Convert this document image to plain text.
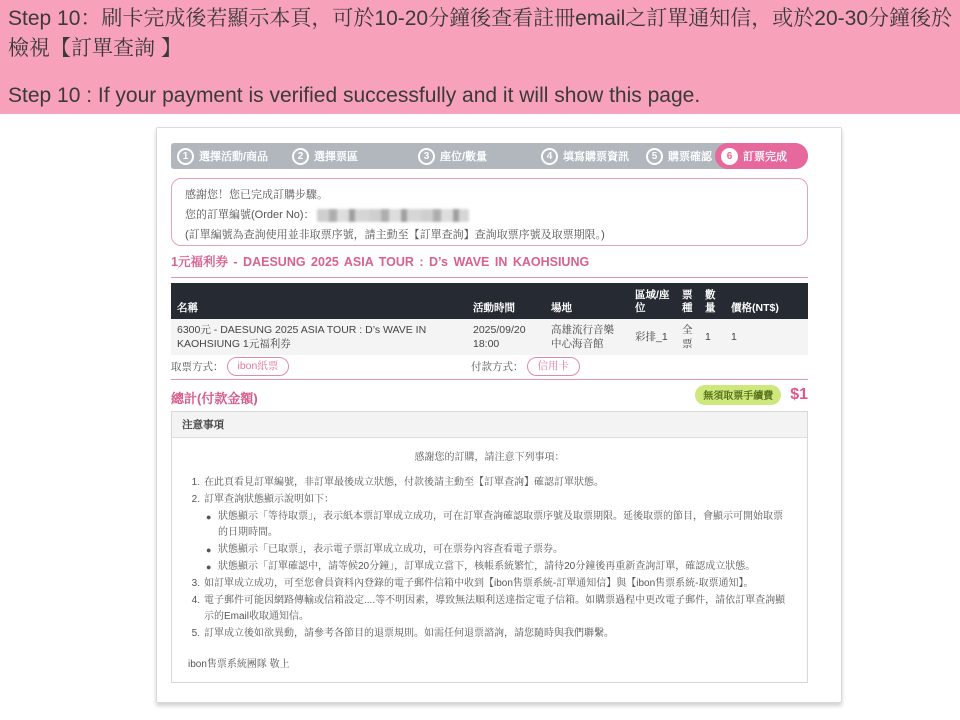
Step 10：刷卡完成後若顯示本頁，可於10-20分鐘後查看註冊email之訂單通知信，或於20-30分鐘後於檢視【訂單查詢 】
Step 10 : If your payment is verified successfully and it will show this page.
1 選擇活動/商品	2 選擇票區	3 座位/數量	4 填寫購票資訊	5 購票確認	6 訂票完成
感謝您！您已完成訂購步驟。
您的訂單編號(Order No)：
(訂單編號為查詢使用並非取票序號，請主動至【訂單查詢】查詢取票序號及取票期限。)
1元福利券 - DAESUNG 2025 ASIA TOUR : D’s WAVE IN KAOHSIUNG
名稱	活動時間	場地	區域/座位	票種	數量	價格(NT$)
6300元 - DAESUNG 2025 ASIA TOUR : D’s WAVE IN KAOHSIUNG 1元福利券	2025/09/20 18:00	高雄流行音樂中心海音館	彩排_1	全票	1	1
取票方式：	ibon紙票	付款方式：	信用卡
總計(付款金額)	無須取票手續費	$1
注意事項
感謝您的訂購，請注意下列事項：
1. 在此頁看見訂單編號，非訂單最後成立狀態，付款後請主動至【訂單查詢】確認訂單狀態。
2. 訂單查詢狀態顯示說明如下：
● 狀態顯示「等待取票」，表示紙本票訂單成立成功，可在訂單查詢確認取票序號及取票期限。延後取票的節目，會顯示可開始取票的日期時間。
● 狀態顯示「已取票」，表示電子票訂單成立成功，可在票券內容查看電子票券。
● 狀態顯示「訂單確認中，請等候20分鐘」，訂單成立當下，核帳系統繁忙，請待20分鐘後再重新查詢訂單，確認成立狀態。
3. 如訂單成立成功，可至您會員資料內登錄的電子郵件信箱中收到【ibon售票系統-訂單通知信】與【ibon售票系統-取票通知】。
4. 電子郵件可能因網路傳輸或信箱設定....等不明因素，導致無法順利送達指定電子信箱。如購票過程中更改電子郵件，請依訂單查詢顯示的Email收取通知信。
5. 訂單成立後如欲異動，請參考各節目的退票規則。如需任何退票諮詢，請您隨時與我們聯繫。
ibon售票系統團隊 敬上
